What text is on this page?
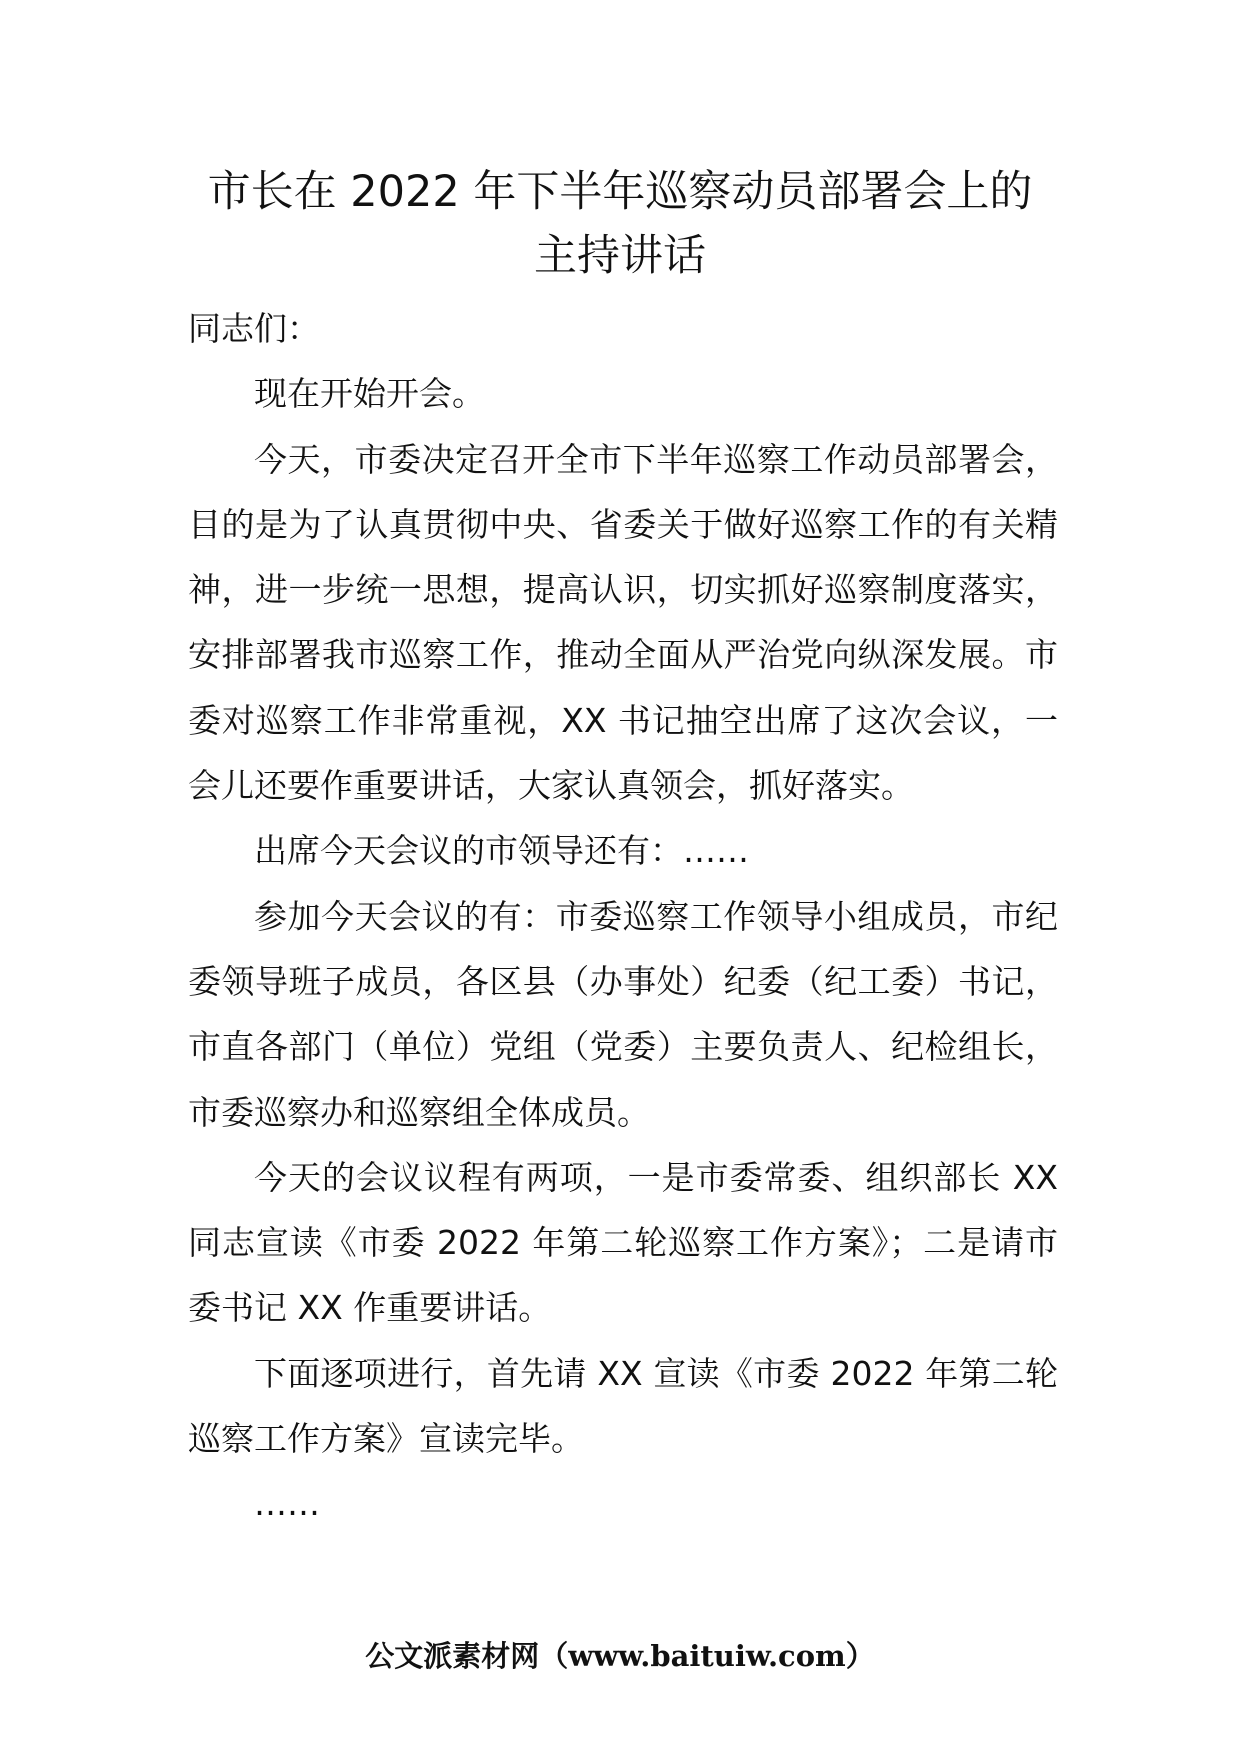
市长在 2022 年下半年巡察动员部署会上的
主持讲话

同志们：

现在开始开会。

今天，市委决定召开全市下半年巡察工作动员部署会，目的是为了认真贯彻中央、省委关于做好巡察工作的有关精神，进一步统一思想，提高认识，切实抓好巡察制度落实，安排部署我市巡察工作，推动全面从严治党向纵深发展。市委对巡察工作非常重视，XX 书记抽空出席了这次会议，一会儿还要作重要讲话，大家认真领会，抓好落实。

出席今天会议的市领导还有：……

参加今天会议的有：市委巡察工作领导小组成员，市纪委领导班子成员，各区县（办事处）纪委（纪工委）书记，市直各部门（单位）党组（党委）主要负责人、纪检组长，市委巡察办和巡察组全体成员。

今天的会议议程有两项，一是市委常委、组织部长 XX 同志宣读《市委 2022 年第二轮巡察工作方案》；二是请市委书记 XX 作重要讲话。

下面逐项进行，首先请 XX 宣读《市委 2022 年第二轮巡察工作方案》宣读完毕。

……

公文派素材网（www.baituiw.com）
